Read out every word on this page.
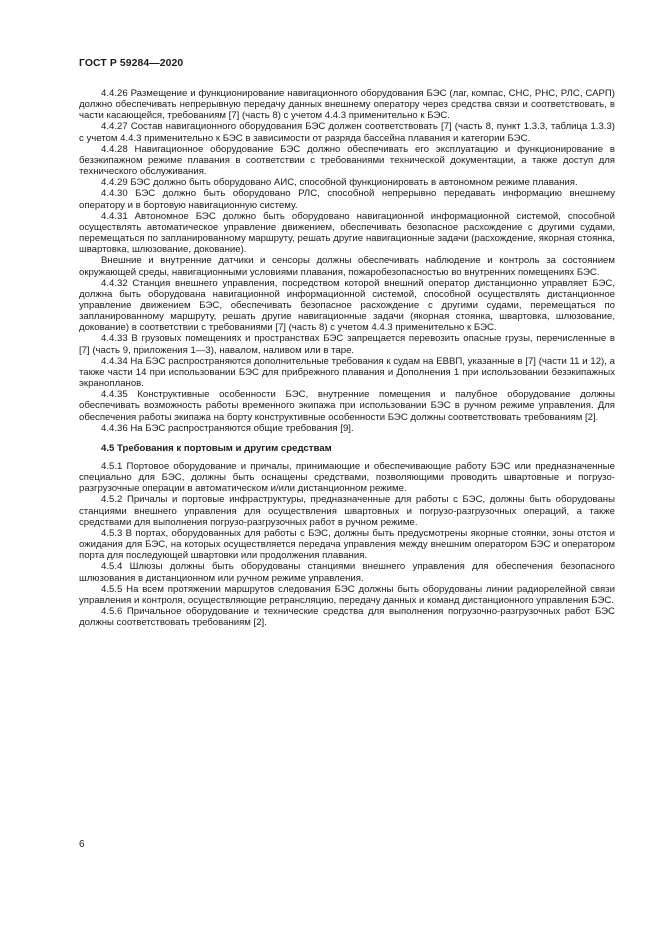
ГОСТ Р 59284—2020

4.4.26 Размещение и функционирование навигационного оборудования БЭС (лаг, компас, СНС, РНС, РЛС, САРП) должно обеспечивать непрерывную передачу данных внешнему оператору через средства связи и соответствовать, в части касающейся, требованиям [7] (часть 8) с учетом 4.4.3 применительно к БЭС.

4.4.27 Состав навигационного оборудования БЭС должен соответствовать [7] (часть 8, пункт 1.3.3, таблица 1.3.3) с учетом 4.4.3 применительно к БЭС в зависимости от разряда бассейна плавания и категории БЭС.

4.4.28 Навигационное оборудование БЭС должно обеспечивать его эксплуатацию и функционирование в безэкипажном режиме плавания в соответствии с требованиями технической документации, а также доступ для технического обслуживания.

4.4.29 БЭС должно быть оборудовано АИС, способной функционировать в автономном режиме плавания.

4.4.30 БЭС должно быть оборудовано РЛС, способной непрерывно передавать информацию внешнему оператору и в бортовую навигационную систему.

4.4.31 Автономное БЭС должно быть оборудовано навигационной информационной системой, способной осуществлять автоматическое управление движением, обеспечивать безопасное расхождение с другими судами, перемещаться по запланированному маршруту, решать другие навигационные задачи (расхождение, якорная стоянка, швартовка, шлюзование, докование).

Внешние и внутренние датчики и сенсоры должны обеспечивать наблюдение и контроль за состоянием окружающей среды, навигационными условиями плавания, пожаробезопасностью во внутренних помещениях БЭС.

4.4.32 Станция внешнего управления, посредством которой внешний оператор дистанционно управляет БЭС, должна быть оборудована навигационной информационной системой, способной осуществлять дистанционное управление движением БЭС, обеспечивать безопасное расхождение с другими судами, перемещаться по запланированному маршруту, решать другие навигационные задачи (якорная стоянка, швартовка, шлюзование, докование) в соответствии с требованиями [7] (часть 8) с учетом 4.4.3 применительно к БЭС.

4.4.33 В грузовых помещениях и пространствах БЭС запрещается перевозить опасные грузы, перечисленные в [7] (часть 9, приложения 1—3), навалом, наливом или в таре.

4.4.34 На БЭС распространяются дополнительные требования к судам на ЕВВП, указанные в [7] (части 11 и 12), а также части 14 при использовании БЭС для прибрежного плавания и Дополнения 1 при использовании безэкипажных экранопланов.

4.4.35 Конструктивные особенности БЭС, внутренние помещения и палубное оборудование должны обеспечивать возможность работы временного экипажа при использовании БЭС в ручном режиме управления. Для обеспечения работы экипажа на борту конструктивные особенности БЭС должны соответствовать требованиям [2].

4.4.36 На БЭС распространяются общие требования [9].

4.5 Требования к портовым и другим средствам

4.5.1 Портовое оборудование и причалы, принимающие и обеспечивающие работу БЭС или предназначенные специально для БЭС, должны быть оснащены средствами, позволяющими проводить швартовные и погрузо-разгрузочные операции в автоматическом и/или дистанционном режиме.

4.5.2 Причалы и портовые инфраструктуры, предназначенные для работы с БЭС, должны быть оборудованы станциями внешнего управления для осуществления швартовных и погрузо-разгрузочных операций, а также средствами для выполнения погрузо-разгрузочных работ в ручном режиме.

4.5.3 В портах, оборудованных для работы с БЭС, должны быть предусмотрены якорные стоянки, зоны отстоя и ожидания для БЭС, на которых осуществляется передача управления между внешним оператором БЭС и оператором порта для последующей швартовки или продолжения плавания.

4.5.4 Шлюзы должны быть оборудованы станциями внешнего управления для обеспечения безопасного шлюзования в дистанционном или ручном режиме управления.

4.5.5 На всем протяжении маршрутов следования БЭС должны быть оборудованы линии радиорелейной связи управления и контроля, осуществляющие ретрансляцию, передачу данных и команд дистанционного управления БЭС.

4.5.6 Причальное оборудование и технические средства для выполнения погрузочно-разгрузочных работ БЭС должны соответствовать требованиям [2].

6
